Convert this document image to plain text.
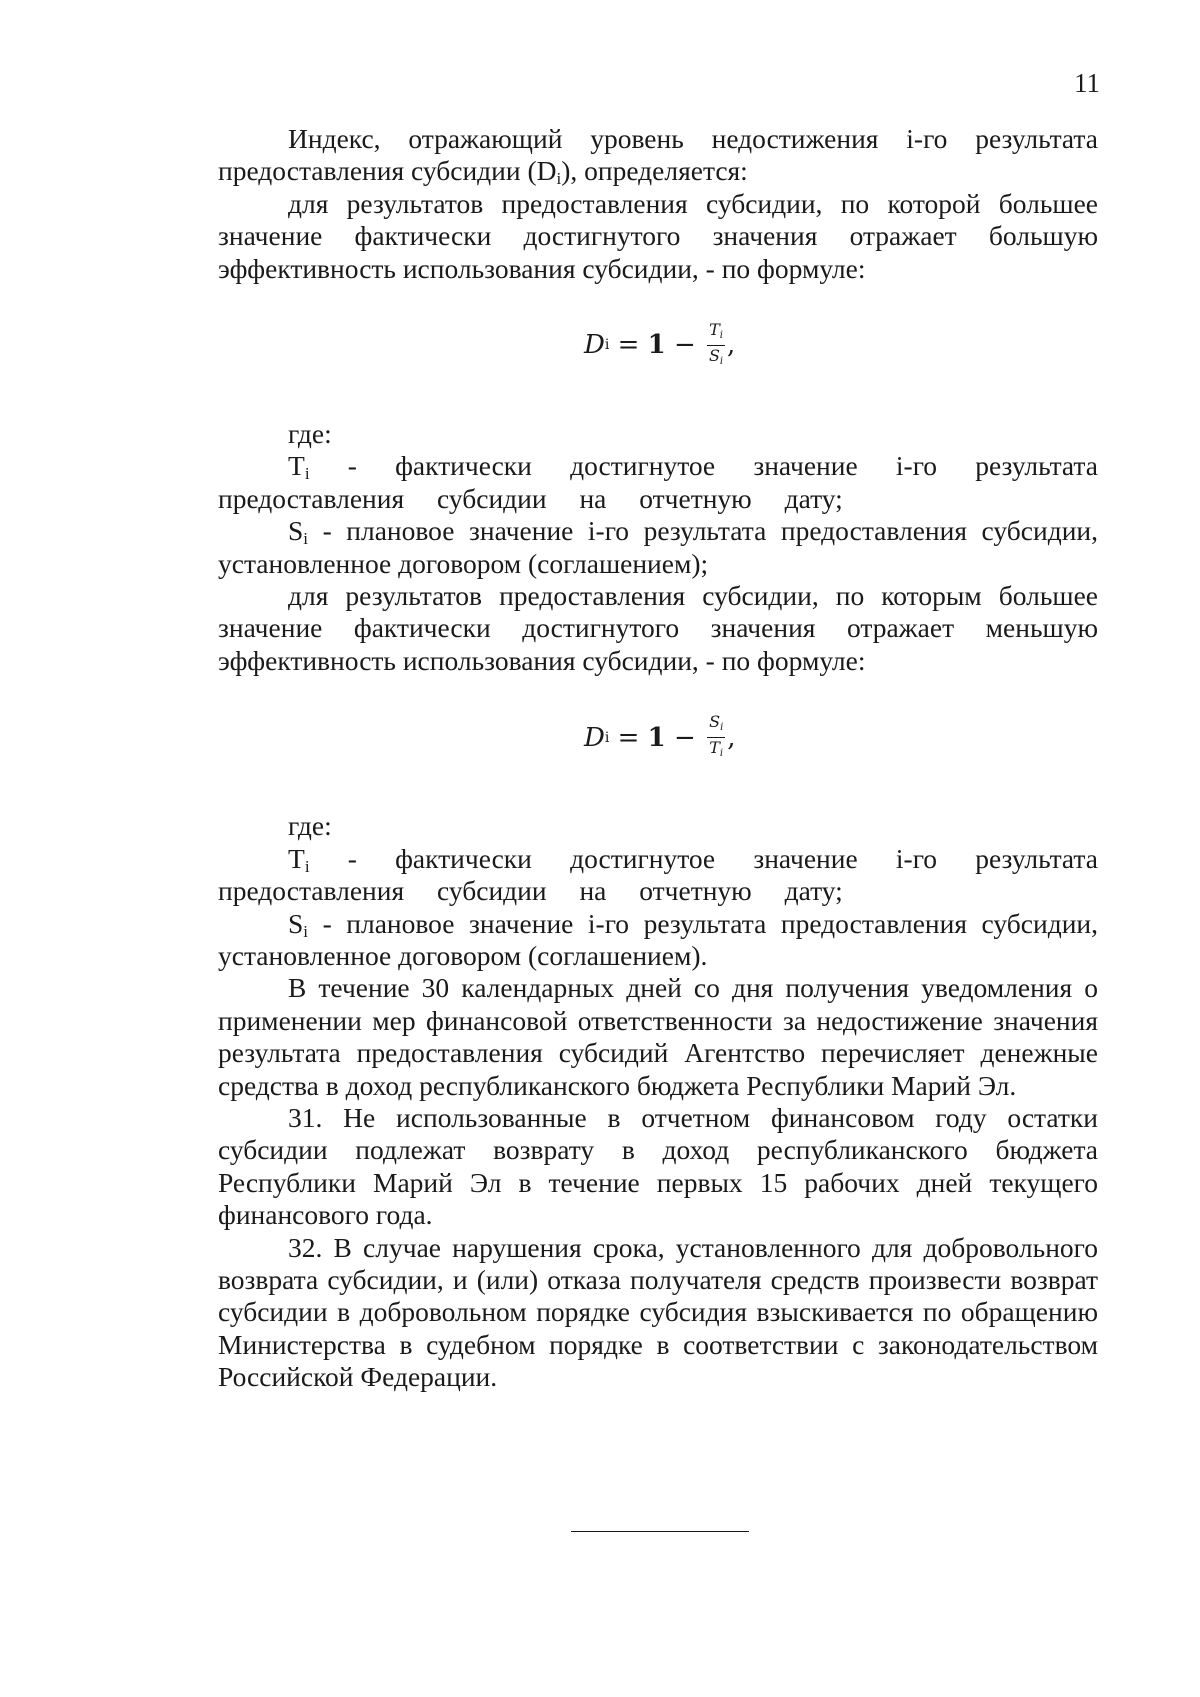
11

Индекс, отражающий уровень недостижения i-го результата предоставления субсидии $(D_i)$, определяется:

для результатов предоставления субсидии, по которой большее значение фактически достигнутого значения отражает большую эффективность использования субсидии, - по формуле:

D $i = 1 - \frac{Ti}{Si}$ ,

где:

$T_i$ - фактически достигнутое значение i-го результата предоставления субсидии на отчетную дату;

$S_i$ - плановое значение i-го результата предоставления субсидии, установленное договором (соглашением);

для результатов предоставления субсидии, по которым большее значение фактически достигнутого значения отражает меньшую эффективность использования субсидии, - по формуле:

D $i = 1 - \frac{Si}{Ti}$ ,

где:

$T_i$ - фактически достигнутое значение i-го результата предоставления субсидии на отчетную дату;

$S_i$ - плановое значение i-го результата предоставления субсидии, установленное договором (соглашением).

В течение 30 календарных дней со дня получения уведомления о применении мер финансовой ответственности за недостижение значения результата предоставления субсидий Агентство перечисляет денежные средства в доход республиканского бюджета Республики Марий Эл.

31. Не использованные в отчетном финансовом году остатки субсидии подлежат возврату в доход республиканского бюджета Республики Марий Эл в течение первых 15 рабочих дней текущего финансового года.

32. В случае нарушения срока, установленного для добровольного возврата субсидии, и (или) отказа получателя средств произвести возврат субсидии в добровольном порядке субсидия взыскивается по обращению Министерства в судебном порядке в соответствии с законодательством Российской Федерации.
